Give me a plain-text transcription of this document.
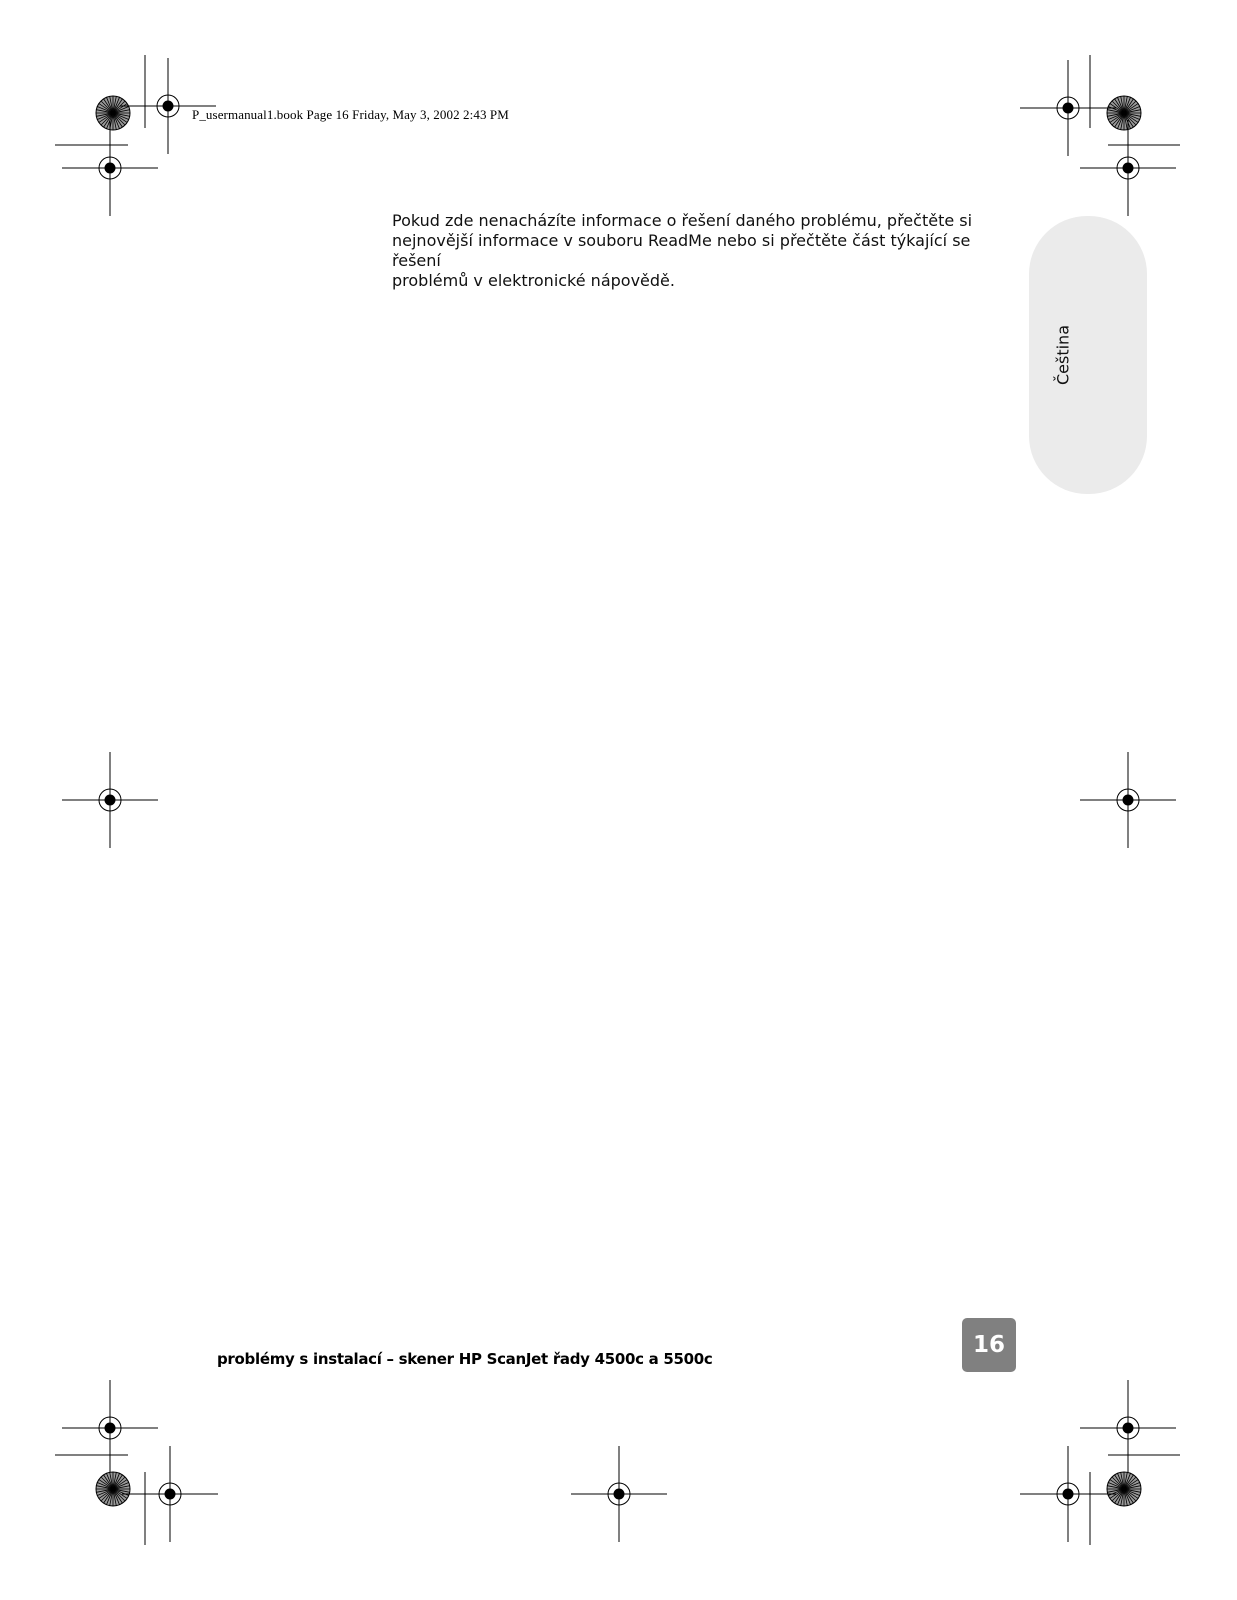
P_usermanual1.book Page 16 Friday, May 3, 2002 2:43 PM

Pokud zde nenacházíte informace o řešení daného problému, přečtěte si
nejnovější informace v souboru ReadMe nebo si přečtěte část týkající se řešení
problémů v elektronické nápovědě.

Čeština
problémy s instalací – skener HP ScanJet řady 4500c a 5500c
16
